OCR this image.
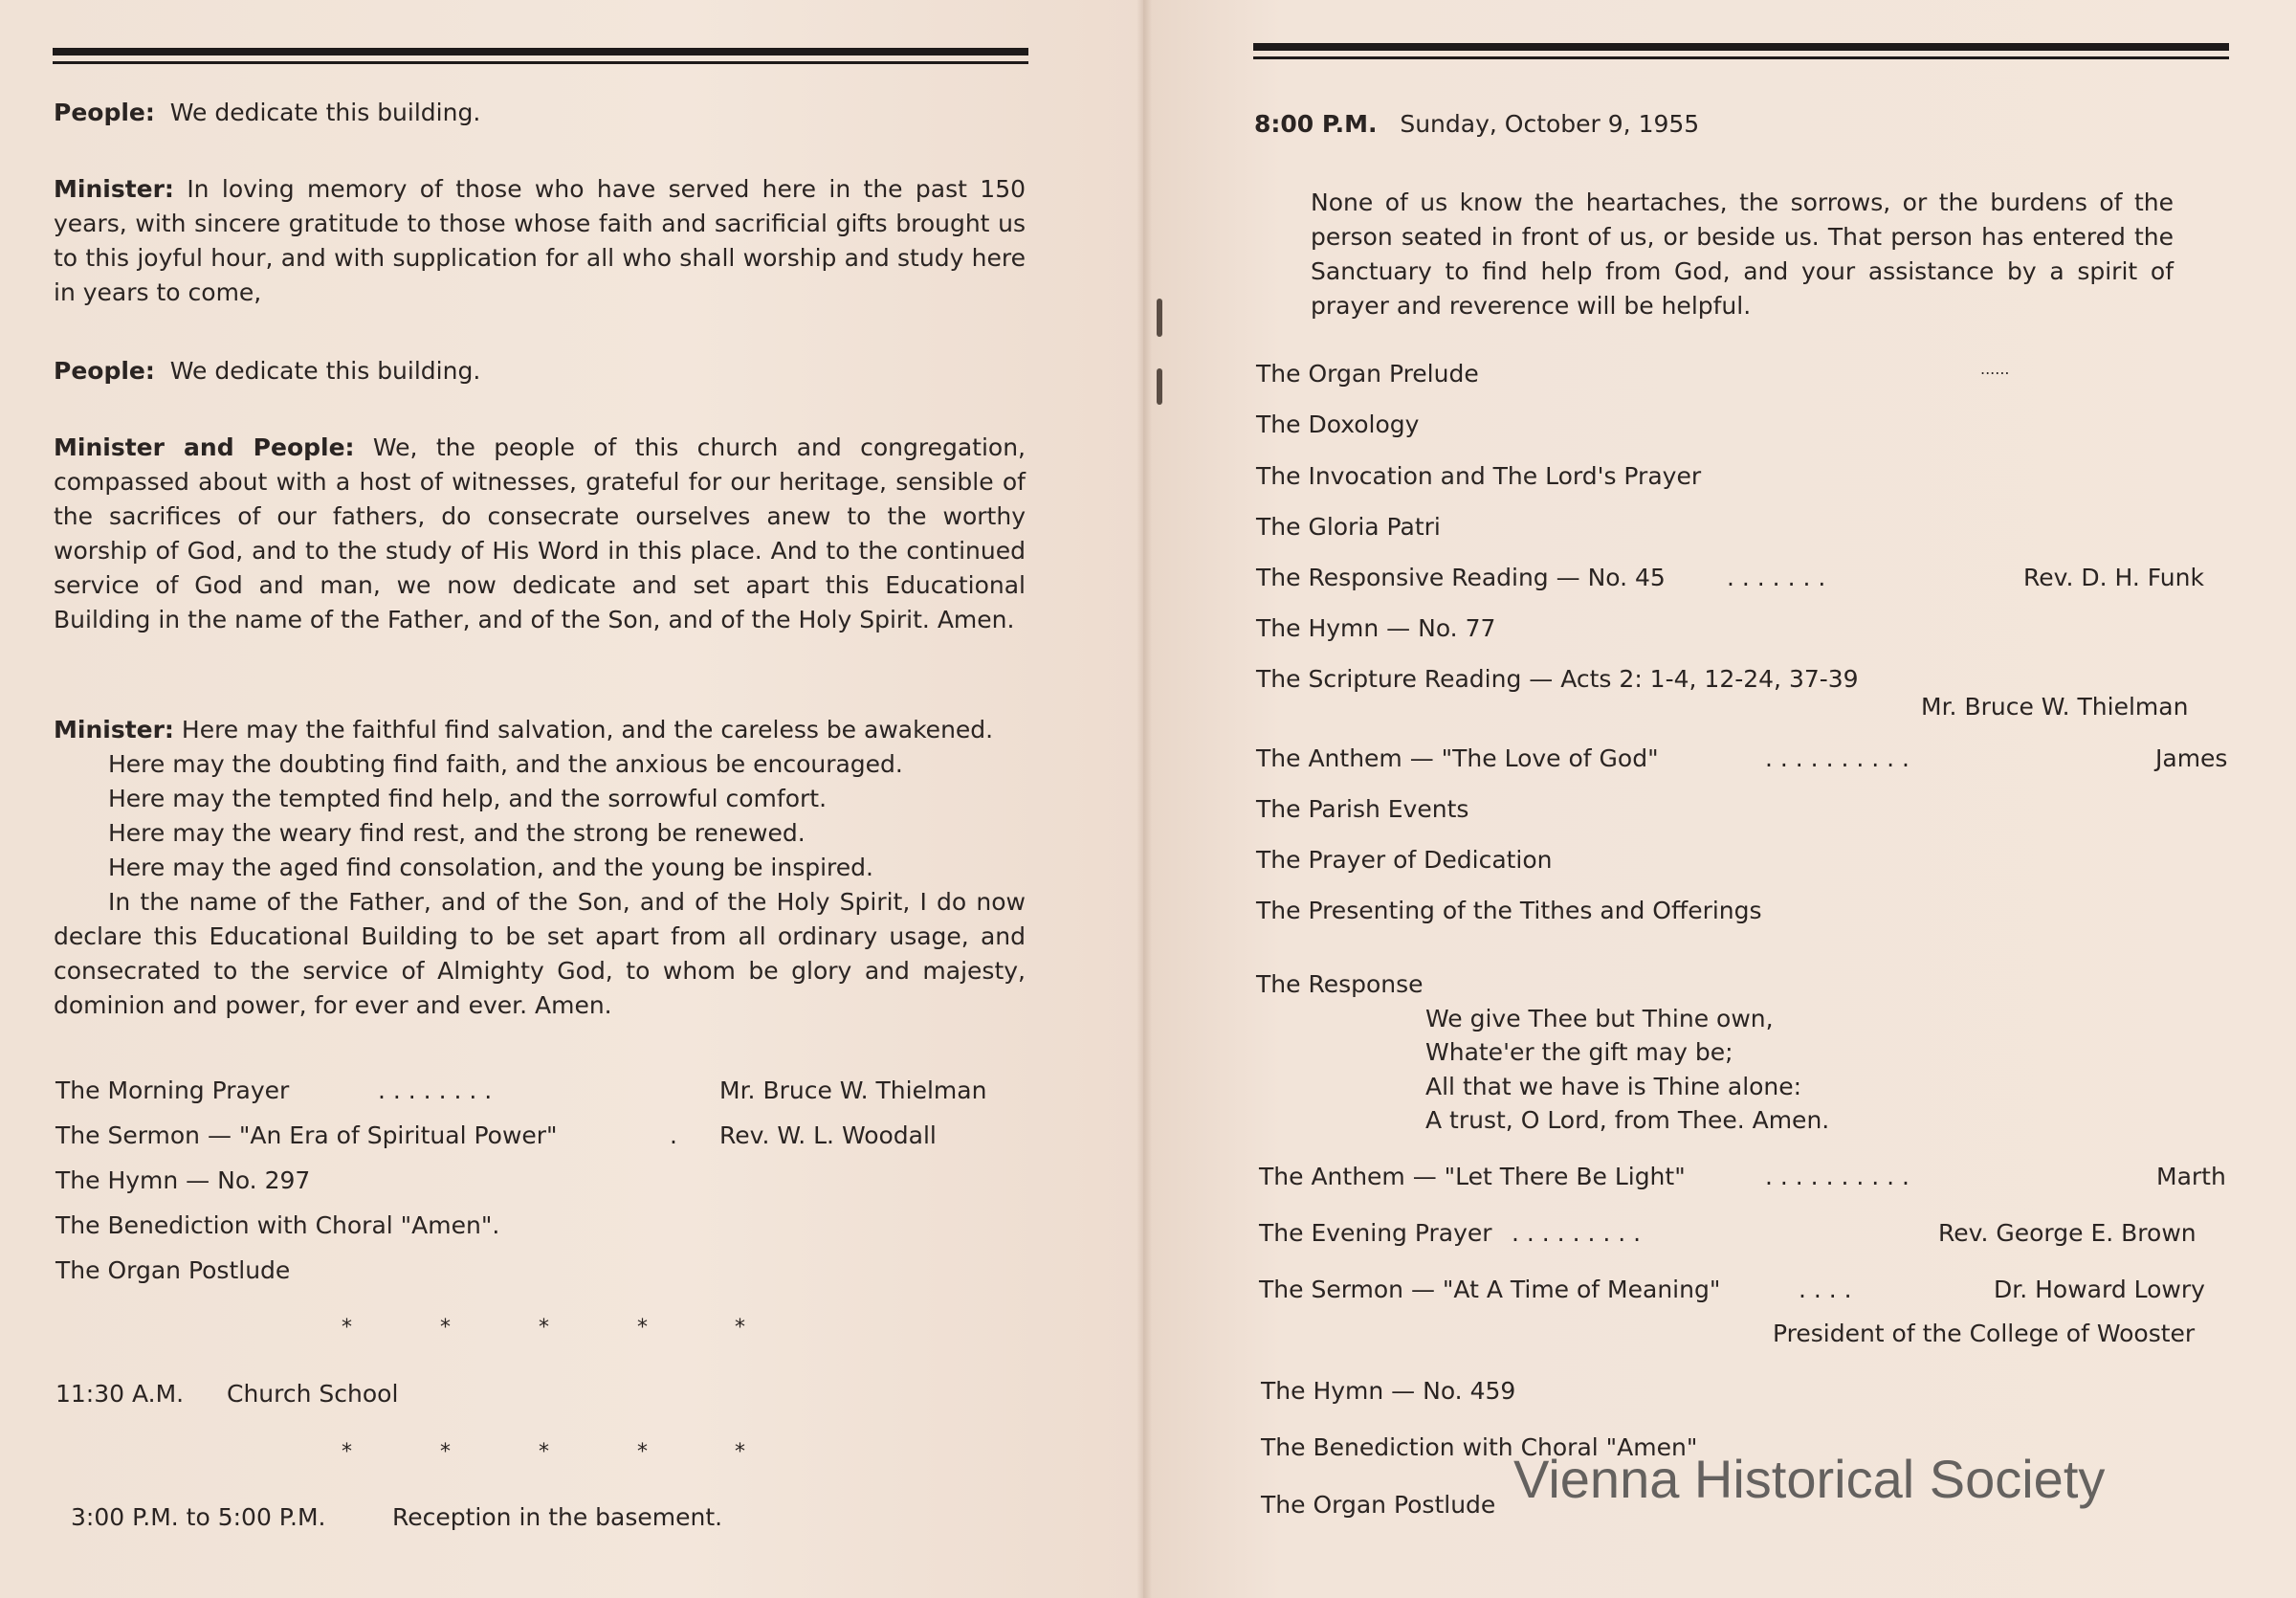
People: We dedicate this building.
Minister: In loving memory of those who have served here in the past 150 years, with sincere gratitude to those whose faith and sacrificial gifts brought us to this joyful hour, and with supplication for all who shall worship and study here in years to come,
People: We dedicate this building.
Minister and People: We, the people of this church and congregation, compassed about with a host of witnesses, grateful for our heritage, sensible of the sacrifices of our fathers, do consecrate ourselves anew to the worthy worship of God, and to the study of His Word in this place. And to the continued service of God and man, we now dedicate and set apart this Educational Building in the name of the Father, and of the Son, and of the Holy Spirit. Amen.
Minister: Here may the faithful find salvation, and the careless be awakened.
Here may the doubting find faith, and the anxious be encouraged.
Here may the tempted find help, and the sorrowful comfort.
Here may the weary find rest, and the strong be renewed.
Here may the aged find consolation, and the young be inspired.
In the name of the Father, and of the Son, and of the Holy Spirit, I do now declare this Educational Building to be set apart from all ordinary usage, and consecrated to the service of Almighty God, to whom be glory and majesty, dominion and power, for ever and ever. Amen.
The Morning Prayer	. . . . . . . .	Mr. Bruce W. Thielman
The Sermon — "An Era of Spiritual Power"	. Rev. W. L. Woodall
The Hymn — No. 297
The Benediction with Choral "Amen".
The Organ Postlude
*	*	*	*	*
11:30 A.M. Church School
*	*	*	*	*
3:00 P.M. to 5:00 P.M.	Reception in the basement.
8:00 P.M. Sunday, October 9, 1955
None of us know the heartaches, the sorrows, or the burdens of the person seated in front of us, or beside us. That person has entered the Sanctuary to find help from God, and your assistance by a spirit of prayer and reverence will be helpful.
The Organ Prelude	......
The Doxology
The Invocation and The Lord's Prayer
The Gloria Patri
The Responsive Reading — No. 45	. . . . . . .	Rev. D. H. Funk
The Hymn — No. 77
The Scripture Reading — Acts 2: 1-4, 12-24, 37-39
Mr. Bruce W. Thielman
The Anthem — "The Love of God"	. . . . . . . . . .	James
The Parish Events
The Prayer of Dedication
The Presenting of the Tithes and Offerings
The Response
We give Thee but Thine own,
Whate'er the gift may be;
All that we have is Thine alone:
A trust, O Lord, from Thee. Amen.
The Anthem — "Let There Be Light"	. . . . . . . . . .	Marth
The Evening Prayer . . . . . . . . .	Rev. George E. Brown
The Sermon — "At A Time of Meaning"	. . . .	Dr. Howard Lowry
President of the College of Wooster
The Hymn — No. 459
The Benediction with Choral "Amen"
The Organ Postlude Vienna Historical Society
